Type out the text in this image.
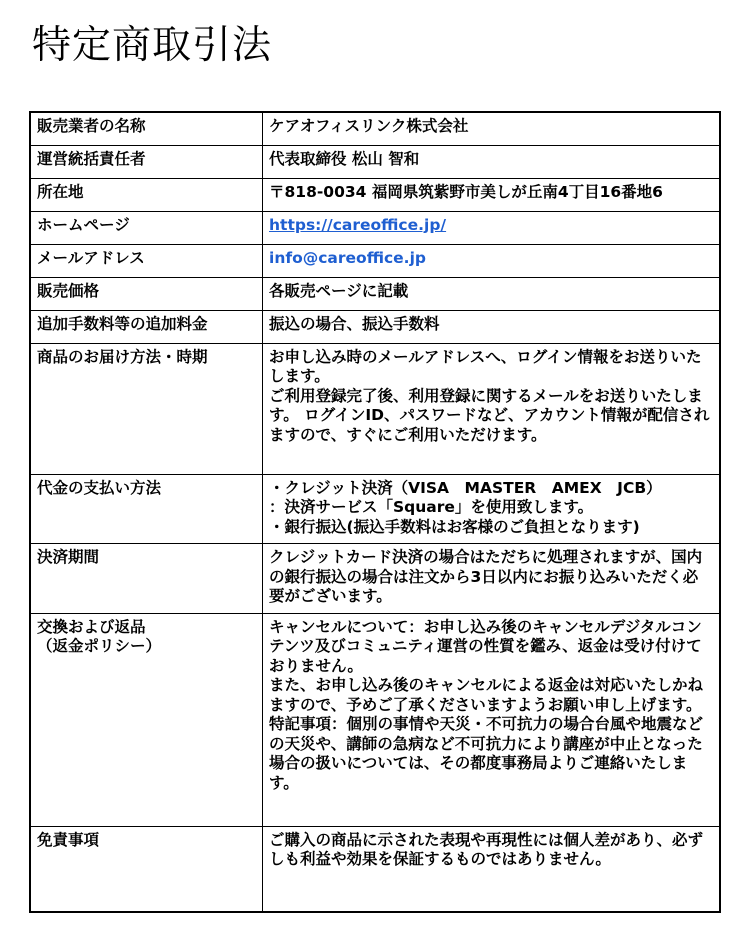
特定商取引法
販売業者の名称	ケアオフィスリンク株式会社
運営統括責任者	代表取締役 松山 智和
所在地	〒818-0034 福岡県筑紫野市美しが丘南4丁目16番地6
ホームページ	https://careoffice.jp/
メールアドレス	info@careoffice.jp
販売価格	各販売ページに記載
追加手数料等の追加料金	振込の場合、振込手数料
商品のお届け方法・時期	お申し込み時のメールアドレスへ、ログイン情報をお送りいたします。
ご利用登録完了後、利用登録に関するメールをお送りいたします。 ログインID、パスワードなど、アカウント情報が配信されますので、すぐにご利用いただけます。

代金の支払い方法	・クレジット決済（VISA　MASTER　AMEX　JCB）
：決済サービス「Square」を使用致します。
・銀行振込(振込手数料はお客様のご負担となります)

決済期間	クレジットカード決済の場合はただちに処理されますが、国内の銀行振込の場合は注文から3日以内にお振り込みいただく必要がございます。

交換および返品
（返金ポリシー）	キャンセルについて：お申し込み後のキャンセルデジタルコンテンツ及びコミュニティ運営の性質を鑑み、返金は受け付けておりません。
また、お申し込み後のキャンセルによる返金は対応いたしかねますので、予めご了承くださいますようお願い申し上げます。
特記事項：個別の事情や天災・不可抗力の場合台風や地震などの天災や、講師の急病など不可抗力により講座が中止となった場合の扱いについては、その都度事務局よりご連絡いたします。

免責事項	ご購入の商品に示された表現や再現性には個人差があり、必ずしも利益や効果を保証するものではありません。
